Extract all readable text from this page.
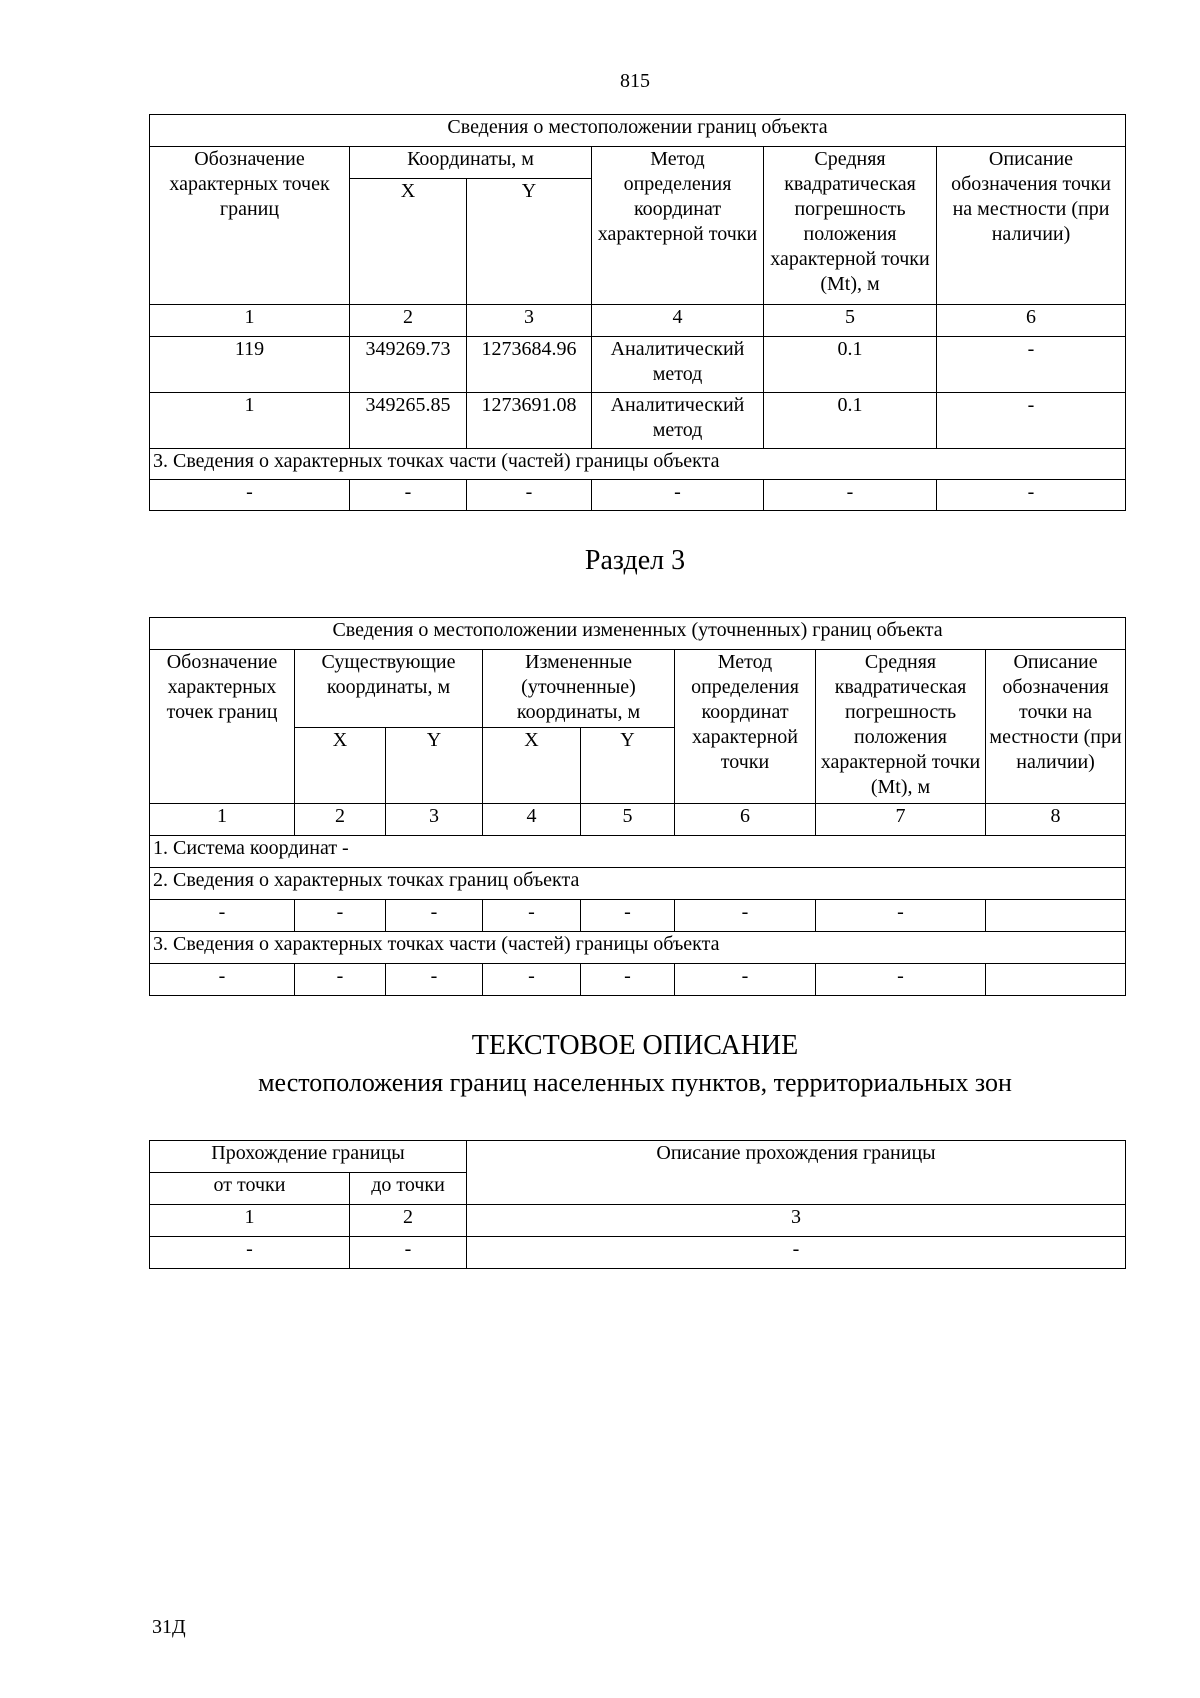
815
Сведения о местоположении границ объекта					
Обозначение характерных точек границ	Координаты, м		Метод определения координат характерной точки	Средняя квадратическая погрешность положения характерной точки (Mt), м	Описание обозначения точки на местности (при наличии)
	X	Y			
1	2	3	4	5	6
119	349269.73	1273684.96	Аналитический метод	0.1	-
1	349265.85	1273691.08	Аналитический метод	0.1	-
3. Сведения о характерных точках части (частей) границы объекта					
-	-	-	-	-	-
Раздел 3
Сведения о местоположении измененных (уточненных) границ объекта							
Обозначение характерных точек границ	Существующие координаты, м		Измененные (уточненные) координаты, м		Метод определения координат характерной точки	Средняя квадратическая погрешность положения характерной точки (Mt), м	Описание обозначения точки на местности (при наличии)
	X	Y	X	Y			
1	2	3	4	5	6	7	8
1. Система координат -							
2. Сведения о характерных точках границ объекта							
-	-	-	-	-	-	-	
3. Сведения о характерных точках части (частей) границы объекта							
-	-	-	-	-	-	-	
ТЕКСТОВОЕ ОПИСАНИЕ
местоположения границ населенных пунктов, территориальных зон
Прохождение границы		Описание прохождения границы
от точки	до точки	
1	2	3
-	-	-
31Д
